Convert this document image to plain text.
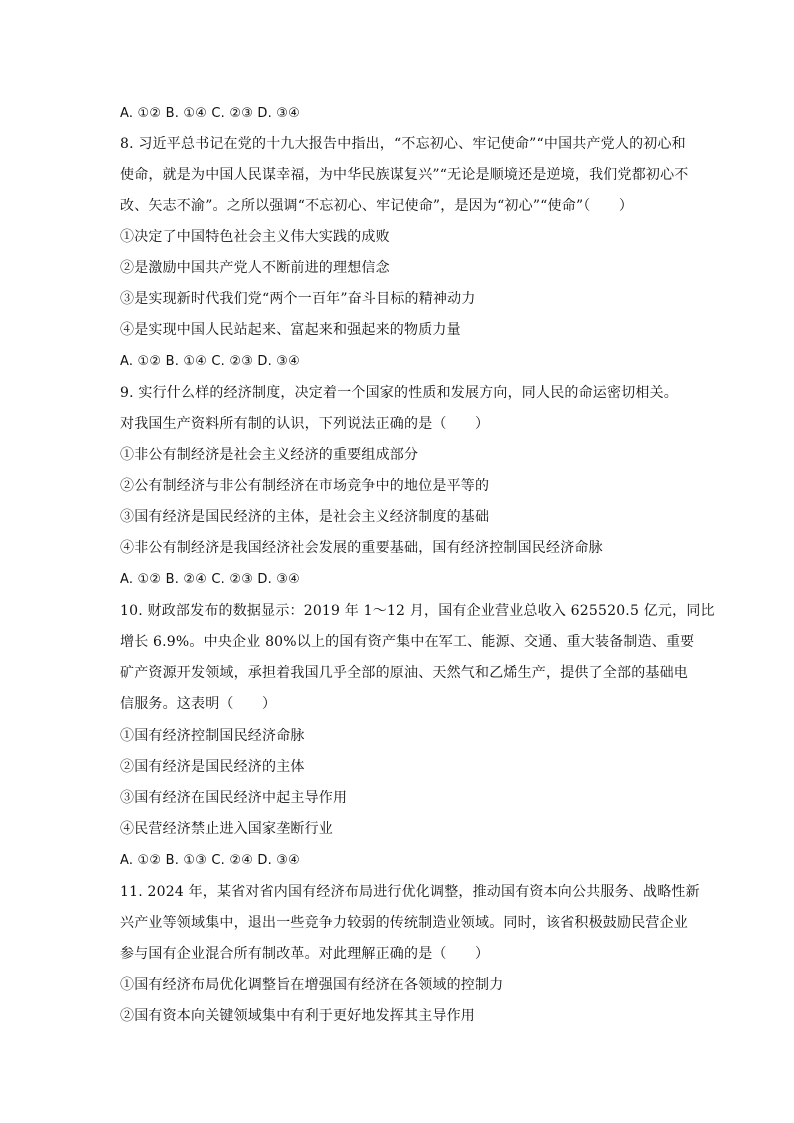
A. ①② B. ①④ C. ②③ D. ③④
8. 习近平总书记在党的十九大报告中指出，“不忘初心、牢记使命”“中国共产党人的初心和
使命，就是为中国人民谋幸福，为中华民族谋复兴”“无论是顺境还是逆境，我们党都初心不
改、矢志不渝”。之所以强调“不忘初心、牢记使命”，是因为“初心”“使命”（　　）
①决定了中国特色社会主义伟大实践的成败
②是激励中国共产党人不断前进的理想信念
③是实现新时代我们党“两个一百年”奋斗目标的精神动力
④是实现中国人民站起来、富起来和强起来的物质力量
A. ①② B. ①④ C. ②③ D. ③④
9. 实行什么样的经济制度，决定着一个国家的性质和发展方向，同人民的命运密切相关。
对我国生产资料所有制的认识，下列说法正确的是（　　）
①非公有制经济是社会主义经济的重要组成部分
②公有制经济与非公有制经济在市场竞争中的地位是平等的
③国有经济是国民经济的主体，是社会主义经济制度的基础
④非公有制经济是我国经济社会发展的重要基础，国有经济控制国民经济命脉
A. ①② B. ②④ C. ②③ D. ③④
10. 财政部发布的数据显示：2019 年 1～12 月，国有企业营业总收入 625520.5 亿元，同比
增长 6.9%。中央企业 80%以上的国有资产集中在军工、能源、交通、重大装备制造、重要
矿产资源开发领域，承担着我国几乎全部的原油、天然气和乙烯生产，提供了全部的基础电
信服务。这表明（　　）
①国有经济控制国民经济命脉
②国有经济是国民经济的主体
③国有经济在国民经济中起主导作用
④民营经济禁止进入国家垄断行业
A. ①② B. ①③ C. ②④ D. ③④
11. 2024 年，某省对省内国有经济布局进行优化调整，推动国有资本向公共服务、战略性新
兴产业等领域集中，退出一些竞争力较弱的传统制造业领域。同时，该省积极鼓励民营企业
参与国有企业混合所有制改革。对此理解正确的是（　　）
①国有经济布局优化调整旨在增强国有经济在各领域的控制力
②国有资本向关键领域集中有利于更好地发挥其主导作用
